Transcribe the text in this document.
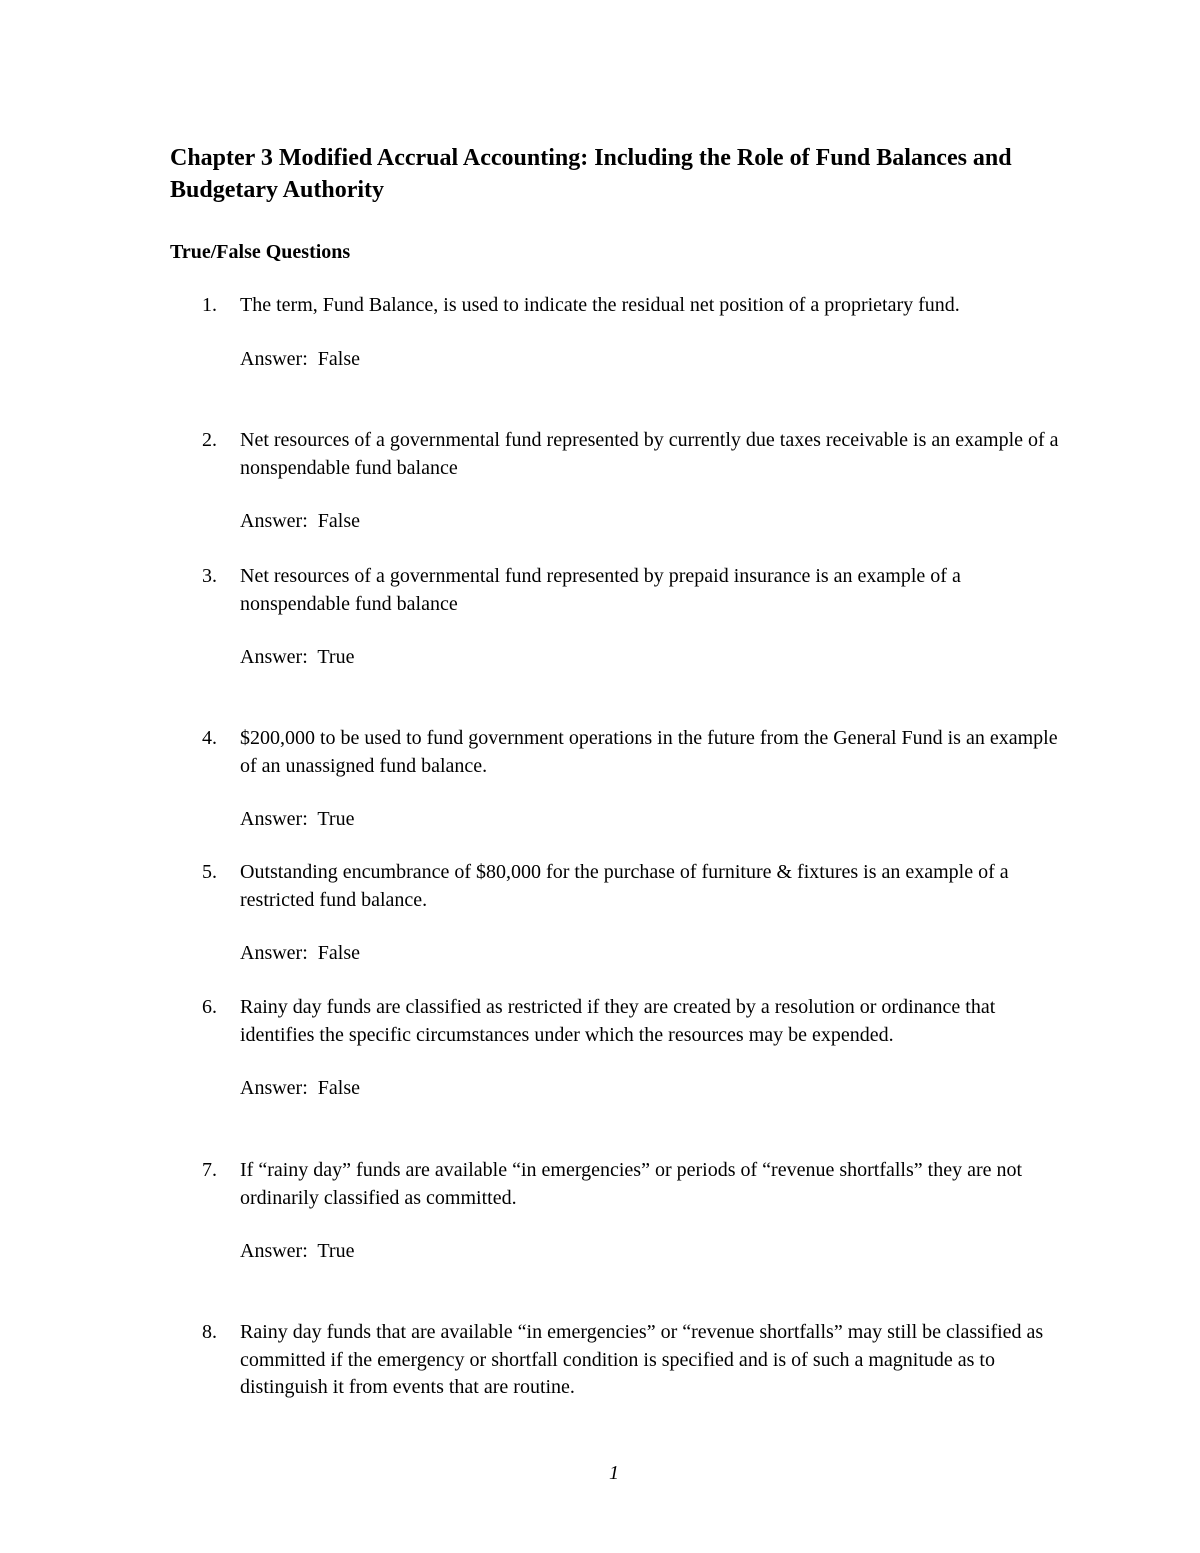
Chapter 3 Modified Accrual Accounting: Including the Role of Fund Balances and Budgetary Authority
True/False Questions
1. The term, Fund Balance, is used to indicate the residual net position of a proprietary fund.
Answer:  False
2. Net resources of a governmental fund represented by currently due taxes receivable is an example of a nonspendable fund balance
Answer:  False
3. Net resources of a governmental fund represented by prepaid insurance is an example of a nonspendable fund balance
Answer:  True
4. $200,000 to be used to fund government operations in the future from the General Fund is an example of an unassigned fund balance.
Answer:  True
5. Outstanding encumbrance of $80,000 for the purchase of furniture & fixtures is an example of a restricted fund balance.
Answer:  False
6. Rainy day funds are classified as restricted if they are created by a resolution or ordinance that identifies the specific circumstances under which the resources may be expended.
Answer:  False
7. If “rainy day” funds are available “in emergencies” or periods of “revenue shortfalls” they are not ordinarily classified as committed.
Answer:  True
8. Rainy day funds that are available “in emergencies” or “revenue shortfalls” may still be classified as committed if the emergency or shortfall condition is specified and is of such a magnitude as to distinguish it from events that are routine.
1
